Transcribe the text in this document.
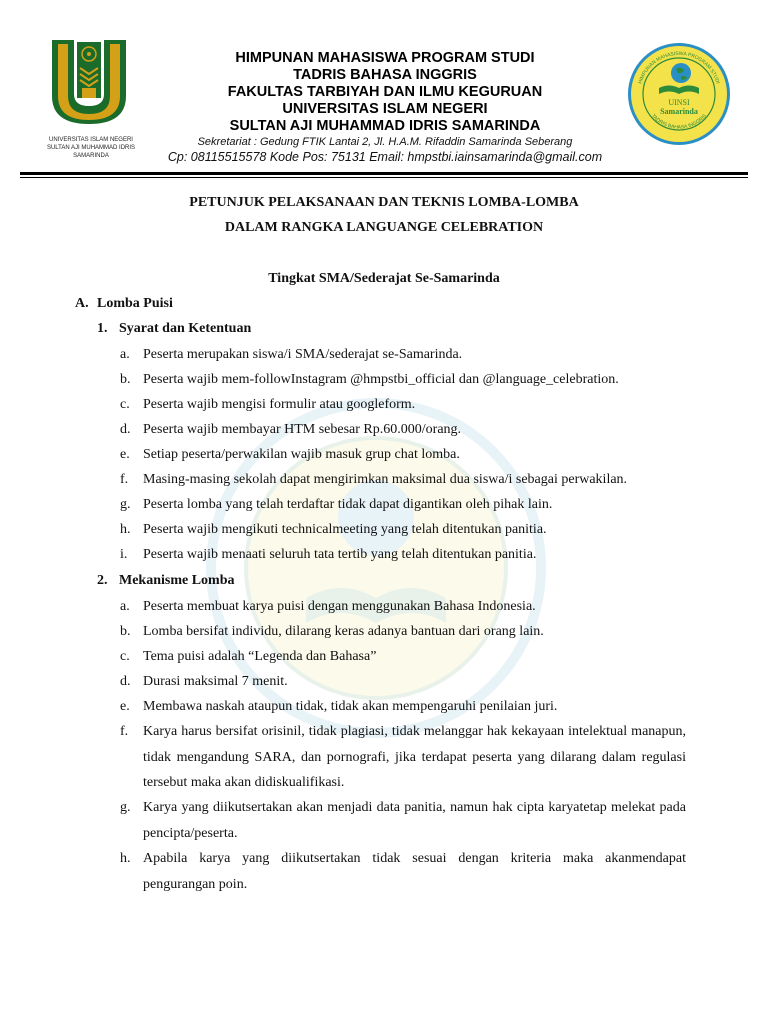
UNIVERSITAS ISLAM NEGERI
SULTAN AJI MUHAMMAD IDRIS
SAMARINDA
HIMPUNAN MAHASISWA PROGRAM STUDI
TADRIS BAHASA INGGRIS
FAKULTAS TARBIYAH DAN ILMU KEGURUAN
UNIVERSITAS ISLAM NEGERI
SULTAN AJI MUHAMMAD IDRIS SAMARINDA
Sekretariat : Gedung FTIK Lantai 2, Jl. H.A.M. Rifaddin Samarinda Seberang
Cp: 08115515578 Kode Pos: 75131 Email: hmpstbi.iainsamarinda@gmail.com
HIMPUNAN MAHASISWA PROGRAM STUDI
TADRIS BAHASA INGGRIS
UINSI
Samarinda
PETUNJUK PELAKSANAAN DAN TEKNIS LOMBA-LOMBA
DALAM RANGKA LANGUANGE CELEBRATION
Tingkat SMA/Sederajat Se-Samarinda
A. Lomba Puisi
1. Syarat dan Ketentuan
a. Peserta merupakan siswa/i SMA/sederajat se-Samarinda.
b. Peserta wajib mem-followInstagram @hmpstbi_official dan @language_celebration.
c. Peserta wajib mengisi formulir atau googleform.
d. Peserta wajib membayar HTM sebesar Rp.60.000/orang.
e. Setiap peserta/perwakilan wajib masuk grup chat lomba.
f.	Masing-masing sekolah dapat mengirimkan maksimal dua siswa/i sebagai perwakilan.
g. Peserta lomba yang telah terdaftar tidak dapat digantikan oleh pihak lain.
h. Peserta wajib mengikuti technicalmeeting yang telah ditentukan panitia.
i.	Peserta wajib menaati seluruh tata tertib yang telah ditentukan panitia.
2. Mekanisme Lomba
a. Peserta membuat karya puisi dengan menggunakan Bahasa Indonesia.
b. Lomba bersifat individu, dilarang keras adanya bantuan dari orang lain.
c. Tema puisi adalah “Legenda dan Bahasa”
d. Durasi maksimal 7 menit.
e. Membawa naskah ataupun tidak, tidak akan mempengaruhi penilaian juri.
f.	Karya harus bersifat orisinil, tidak plagiasi, tidak melanggar hak kekayaan intelektual manapun, tidak mengandung SARA, dan pornografi, jika terdapat peserta yang dilarang dalam regulasi tersebut maka akan didiskualifikasi.
g. Karya yang diikutsertakan akan menjadi data panitia, namun hak cipta karyatetap melekat pada pencipta/peserta.
h. Apabila karya yang diikutsertakan tidak sesuai dengan kriteria maka akanmendapat pengurangan poin.
